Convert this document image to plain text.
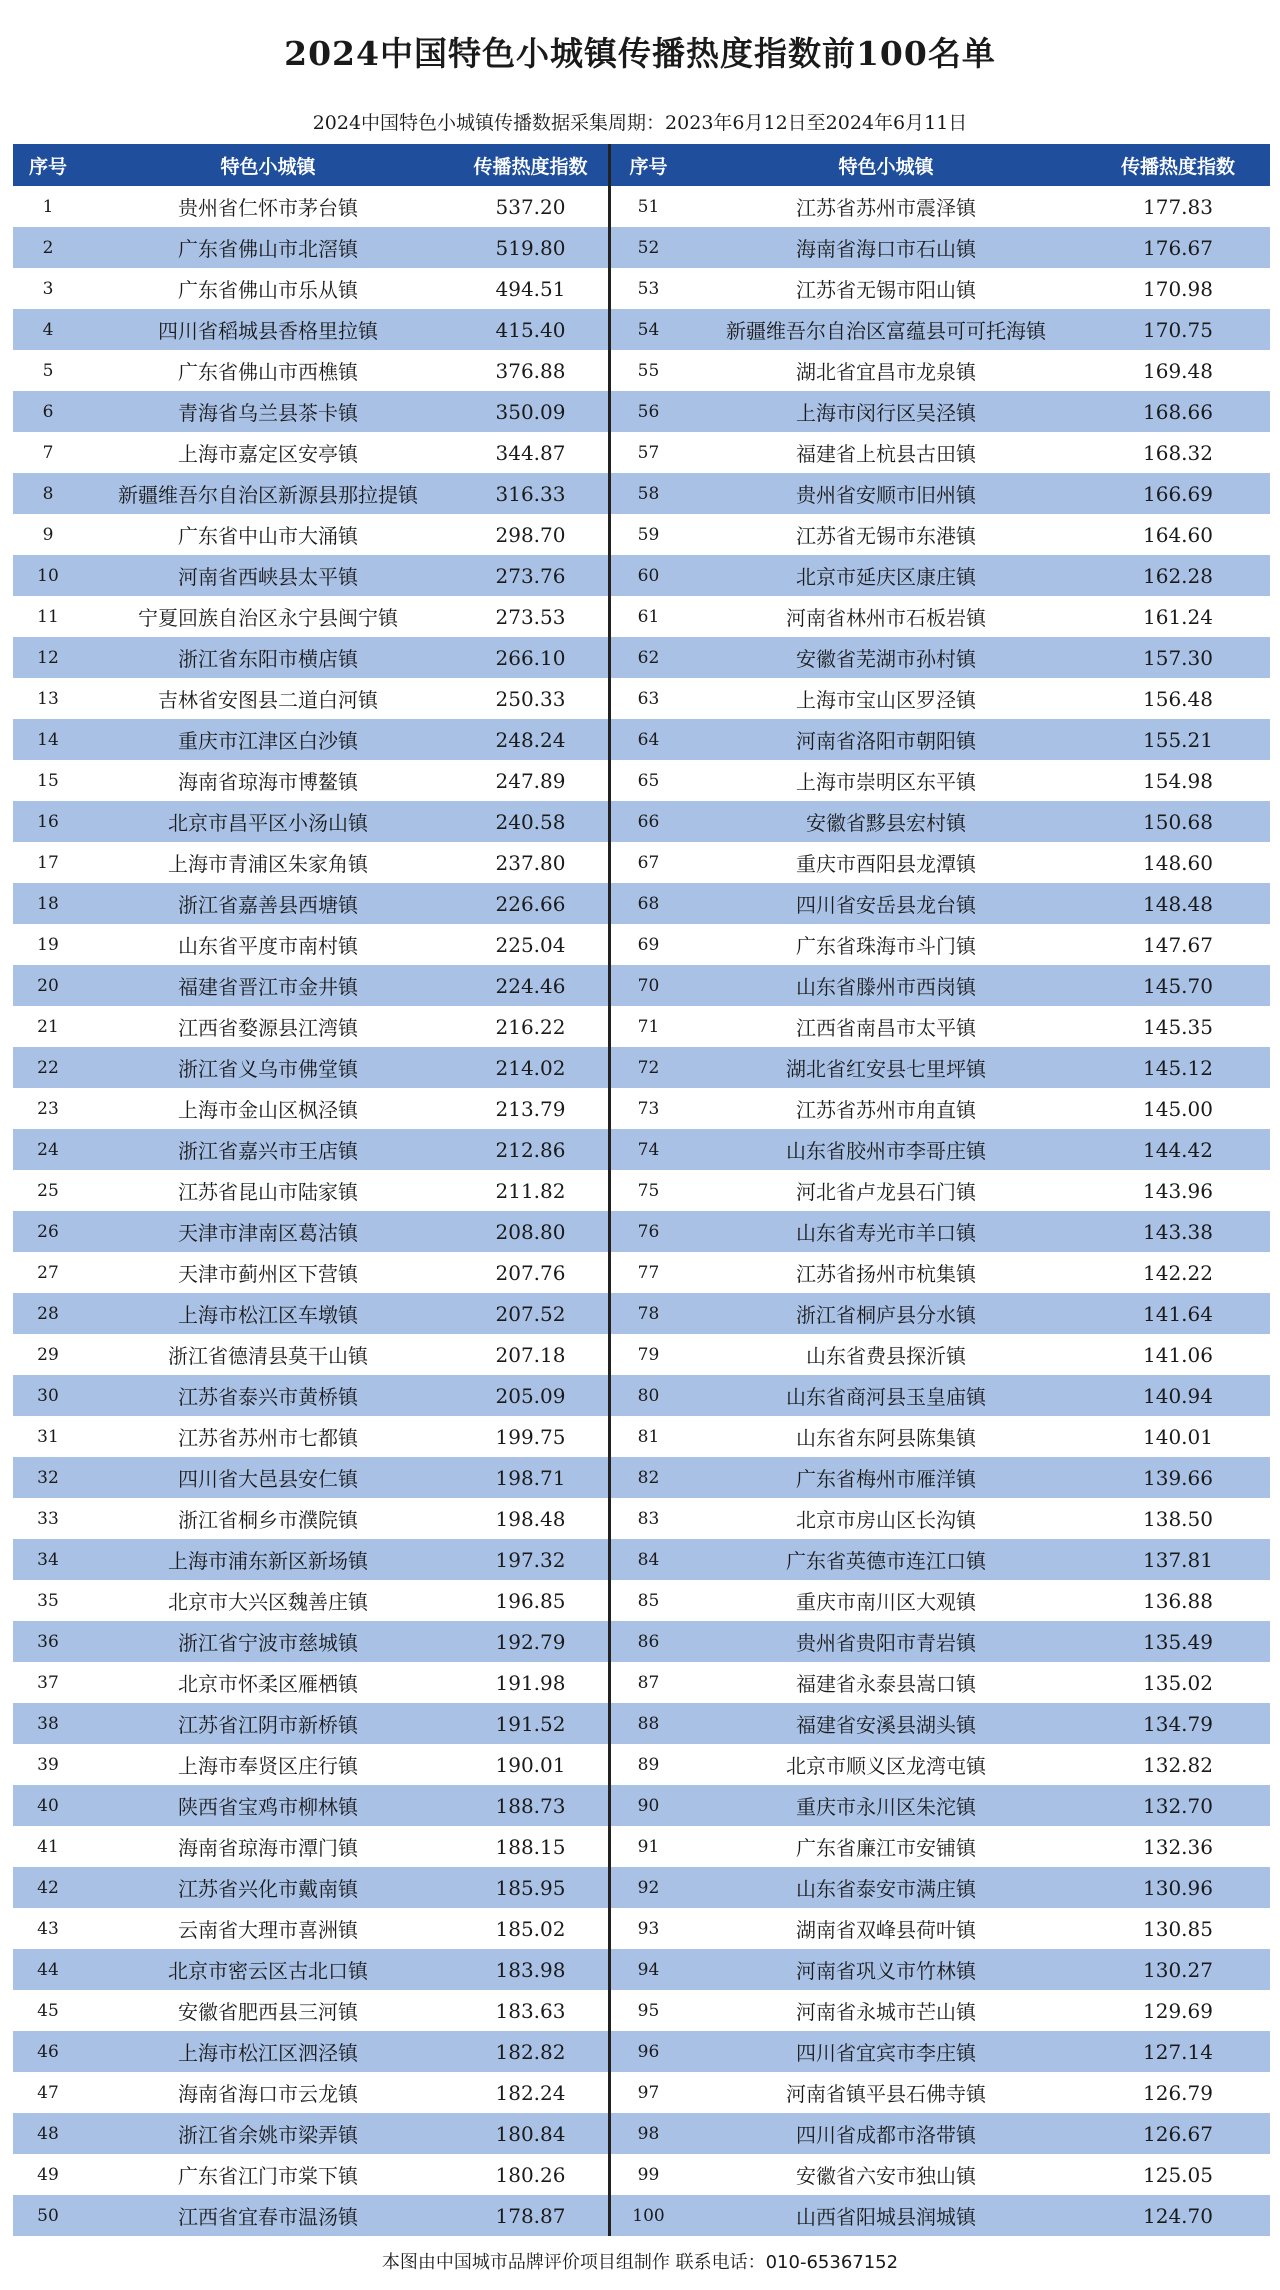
2024中国特色小城镇传播热度指数前100名单
2024中国特色小城镇传播数据采集周期：2023年6月12日至2024年6月11日
序号	特色小城镇	传播热度指数
1	贵州省仁怀市茅台镇	537.20
2	广东省佛山市北滘镇	519.80
3	广东省佛山市乐从镇	494.51
4	四川省稻城县香格里拉镇	415.40
5	广东省佛山市西樵镇	376.88
6	青海省乌兰县茶卡镇	350.09
7	上海市嘉定区安亭镇	344.87
8	新疆维吾尔自治区新源县那拉提镇	316.33
9	广东省中山市大涌镇	298.70
10	河南省西峡县太平镇	273.76
11	宁夏回族自治区永宁县闽宁镇	273.53
12	浙江省东阳市横店镇	266.10
13	吉林省安图县二道白河镇	250.33
14	重庆市江津区白沙镇	248.24
15	海南省琼海市博鳌镇	247.89
16	北京市昌平区小汤山镇	240.58
17	上海市青浦区朱家角镇	237.80
18	浙江省嘉善县西塘镇	226.66
19	山东省平度市南村镇	225.04
20	福建省晋江市金井镇	224.46
21	江西省婺源县江湾镇	216.22
22	浙江省义乌市佛堂镇	214.02
23	上海市金山区枫泾镇	213.79
24	浙江省嘉兴市王店镇	212.86
25	江苏省昆山市陆家镇	211.82
26	天津市津南区葛沽镇	208.80
27	天津市蓟州区下营镇	207.76
28	上海市松江区车墩镇	207.52
29	浙江省德清县莫干山镇	207.18
30	江苏省泰兴市黄桥镇	205.09
31	江苏省苏州市七都镇	199.75
32	四川省大邑县安仁镇	198.71
33	浙江省桐乡市濮院镇	198.48
34	上海市浦东新区新场镇	197.32
35	北京市大兴区魏善庄镇	196.85
36	浙江省宁波市慈城镇	192.79
37	北京市怀柔区雁栖镇	191.98
38	江苏省江阴市新桥镇	191.52
39	上海市奉贤区庄行镇	190.01
40	陕西省宝鸡市柳林镇	188.73
41	海南省琼海市潭门镇	188.15
42	江苏省兴化市戴南镇	185.95
43	云南省大理市喜洲镇	185.02
44	北京市密云区古北口镇	183.98
45	安徽省肥西县三河镇	183.63
46	上海市松江区泗泾镇	182.82
47	海南省海口市云龙镇	182.24
48	浙江省余姚市梁弄镇	180.84
49	广东省江门市棠下镇	180.26
50	江西省宜春市温汤镇	178.87
序号	特色小城镇	传播热度指数
51	江苏省苏州市震泽镇	177.83
52	海南省海口市石山镇	176.67
53	江苏省无锡市阳山镇	170.98
54	新疆维吾尔自治区富蕴县可可托海镇	170.75
55	湖北省宜昌市龙泉镇	169.48
56	上海市闵行区吴泾镇	168.66
57	福建省上杭县古田镇	168.32
58	贵州省安顺市旧州镇	166.69
59	江苏省无锡市东港镇	164.60
60	北京市延庆区康庄镇	162.28
61	河南省林州市石板岩镇	161.24
62	安徽省芜湖市孙村镇	157.30
63	上海市宝山区罗泾镇	156.48
64	河南省洛阳市朝阳镇	155.21
65	上海市崇明区东平镇	154.98
66	安徽省黟县宏村镇	150.68
67	重庆市酉阳县龙潭镇	148.60
68	四川省安岳县龙台镇	148.48
69	广东省珠海市斗门镇	147.67
70	山东省滕州市西岗镇	145.70
71	江西省南昌市太平镇	145.35
72	湖北省红安县七里坪镇	145.12
73	江苏省苏州市甪直镇	145.00
74	山东省胶州市李哥庄镇	144.42
75	河北省卢龙县石门镇	143.96
76	山东省寿光市羊口镇	143.38
77	江苏省扬州市杭集镇	142.22
78	浙江省桐庐县分水镇	141.64
79	山东省费县探沂镇	141.06
80	山东省商河县玉皇庙镇	140.94
81	山东省东阿县陈集镇	140.01
82	广东省梅州市雁洋镇	139.66
83	北京市房山区长沟镇	138.50
84	广东省英德市连江口镇	137.81
85	重庆市南川区大观镇	136.88
86	贵州省贵阳市青岩镇	135.49
87	福建省永泰县嵩口镇	135.02
88	福建省安溪县湖头镇	134.79
89	北京市顺义区龙湾屯镇	132.82
90	重庆市永川区朱沱镇	132.70
91	广东省廉江市安铺镇	132.36
92	山东省泰安市满庄镇	130.96
93	湖南省双峰县荷叶镇	130.85
94	河南省巩义市竹林镇	130.27
95	河南省永城市芒山镇	129.69
96	四川省宜宾市李庄镇	127.14
97	河南省镇平县石佛寺镇	126.79
98	四川省成都市洛带镇	126.67
99	安徽省六安市独山镇	125.05
100	山西省阳城县润城镇	124.70
本图由中国城市品牌评价项目组制作 联系电话：010-65367152
